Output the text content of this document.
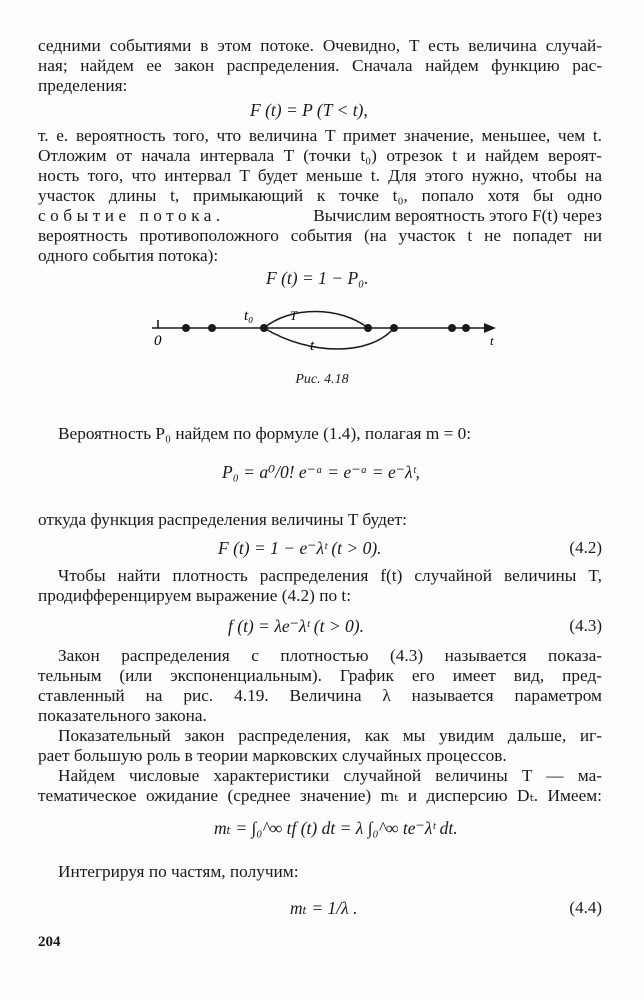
седними событиями в этом потоке. Очевидно, T есть величина случай-
ная; найдем ее закон распределения. Сначала найдем функцию рас-
пределения:
F (t) = P (T < t),
т. е. вероятность того, что величина T примет значение, меньшее, чем t.
Отложим от начала интервала T (точки t₀) отрезок t и найдем вероят-
ность того, что интервал T будет меньше t. Для этого нужно, чтобы на
участок длины t, примыкающий к точке t₀, попало хотя бы одно
событие потока.	Вычислим вероятность этого F(t) через
вероятность противоположного события (на участок t не попадет ни
одного события потока):
F (t) = 1 − P₀.
t₀	T
t
0	t
Рис. 4.18
Вероятность P₀ найдем по формуле (1.4), полагая m = 0:
P₀ = a⁰/0! e⁻ᵃ = e⁻ᵃ = e⁻λᵗ,
откуда функция распределения величины T будет:
F (t) = 1 − e⁻λᵗ (t > 0).	(4.2)
Чтобы найти плотность распределения f(t) случайной величины T,
продифференцируем выражение (4.2) по t:
f (t) = λe⁻λᵗ (t > 0).	(4.3)
Закон распределения с плотностью (4.3) называется показа-
тельным (или экспоненциальным). График его имеет вид, пред-
ставленный на рис. 4.19. Величина λ называется параметром
показательного закона.
Показательный закон распределения, как мы увидим дальше, иг-
рает большую роль в теории марковских случайных процессов.
Найдем числовые характеристики случайной величины T — ма-
тематическое ожидание (среднее значение) mₜ и дисперсию Dₜ. Имеем:
mₜ = ∫₀^∞ tf (t) dt = λ ∫₀^∞ te⁻λᵗ dt.
Интегрируя по частям, получим:
mₜ = 1/λ .	(4.4)
204
